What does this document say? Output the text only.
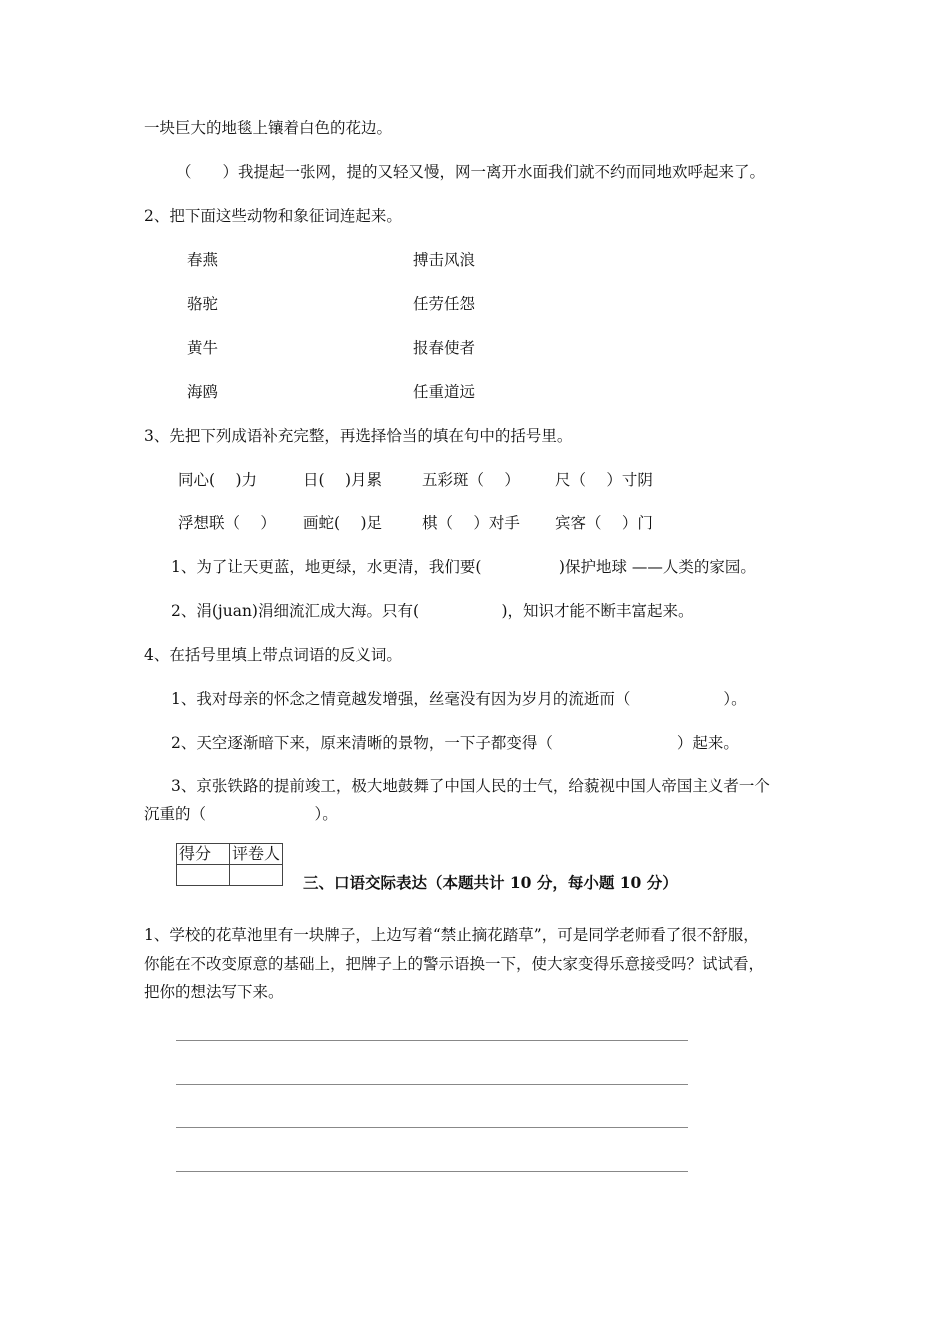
一块巨大的地毯上镶着白色的花边。
（　　）我提起一张网，提的又轻又慢，网一离开水面我们就不约而同地欢呼起来了。
2、把下面这些动物和象征词连起来。
春燕	搏击风浪
骆驼	任劳任怨
黄牛	报春使者
海鸥	任重道远
3、先把下列成语补充完整，再选择恰当的填在句中的括号里。
同心(　 )力	日(　 )月累	五彩斑（　 ） 尺（　 ）寸阴
浮想联（　 ） 画蛇(　 )足	棋（　 ）对手 宾客（　 ）门
1、为了让天更蓝，地更绿，水更清，我们要(　　　　　)保护地球 ——人类的家园。
2、涓(juan)涓细流汇成大海。只有(　　　　　 )，知识才能不断丰富起来。
4、在括号里填上带点词语的反义词。
1、我对母亲的怀念之情竟越发增强，丝毫没有因为岁月的流逝而（　　　　　　）。
2、天空逐渐暗下来，原来清晰的景物，一下子都变得（　　　　　　　　）起来。
3、京张铁路的提前竣工，极大地鼓舞了中国人民的士气，给藐视中国人帝国主义者一个
沉重的（　　　　　　　）。
得分	评卷人

三、口语交际表达（本题共计 10 分，每小题 10 分）
1、学校的花草池里有一块牌子，上边写着“禁止摘花踏草”，可是同学老师看了很不舒服，
你能在不改变原意的基础上，把牌子上的警示语换一下，使大家变得乐意接受吗？试试看，
把你的想法写下来。
